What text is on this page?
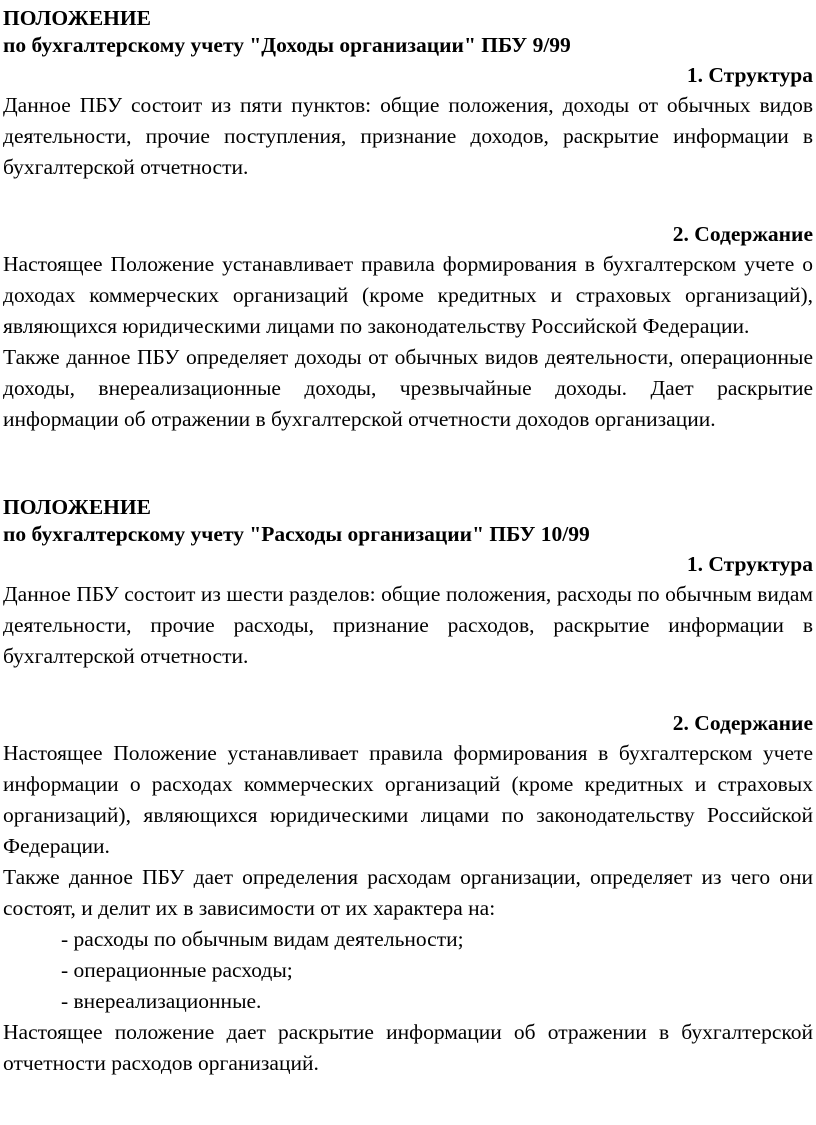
ПОЛОЖЕНИЕ
по бухгалтерскому учету "Доходы организации" ПБУ 9/99
1. Структура

Данное ПБУ состоит из пяти пунктов: общие положения, доходы от обычных видов деятельности, прочие поступления, признание доходов, раскрытие информации в бухгалтерской отчетности.

2. Содержание

Настоящее Положение устанавливает правила формирования в бухгалтерском учете о доходах коммерческих организаций (кроме кредитных и страховых организаций), являющихся юридическими лицами по законодательству Российской Федерации.

Также данное ПБУ определяет доходы от обычных видов деятельности, операционные доходы, внереализационные доходы, чрезвычайные доходы. Дает раскрытие информации об отражении в бухгалтерской отчетности доходов организации.

ПОЛОЖЕНИЕ
по бухгалтерскому учету "Расходы организации" ПБУ 10/99
1. Структура

Данное ПБУ состоит из шести разделов: общие положения, расходы по обычным видам деятельности, прочие расходы, признание расходов, раскрытие информации в бухгалтерской отчетности.

2. Содержание

Настоящее Положение устанавливает правила формирования в бухгалтерском учете информации о расходах коммерческих организаций (кроме кредитных и страховых организаций), являющихся юридическими лицами по законодательству Российской Федерации.

Также данное ПБУ дает определения расходам организации, определяет из чего они состоят, и делит их в зависимости от их характера на:

- расходы по обычным видам деятельности;
- операционные расходы;
- внереализационные.

Настоящее положение дает раскрытие информации об отражении в бухгалтерской отчетности расходов организаций.
